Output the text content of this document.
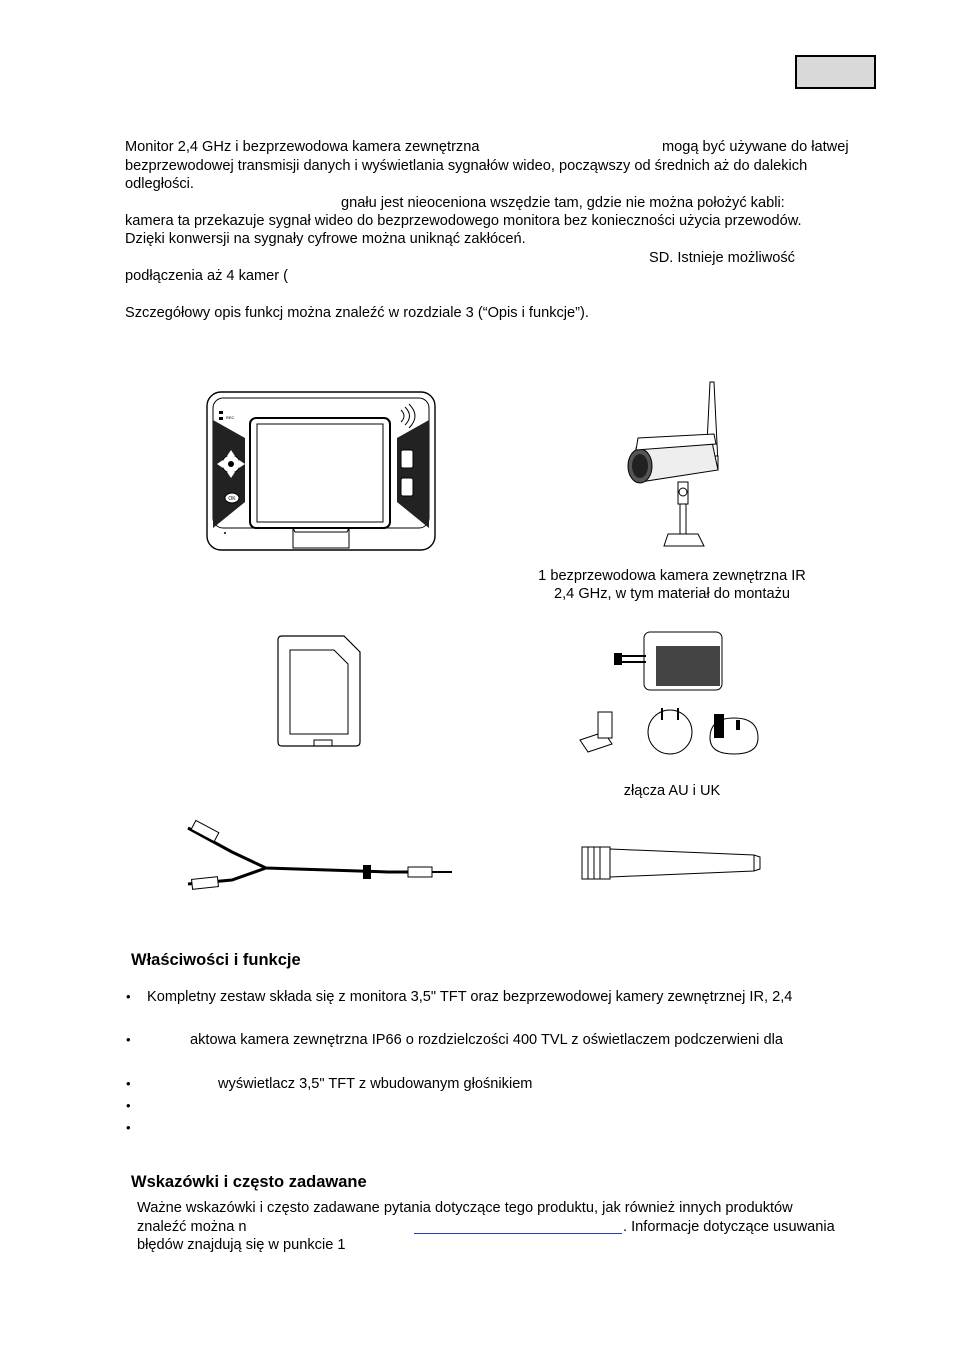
Monitor 2,4 GHz i bezprzewodowa kamera zewnętrzna	mogą być używane do łatwej
bezprzewodowej transmisji danych i wyświetlania sygnałów wideo, począwszy od średnich aż do dalekich
odległości.
gnału jest nieoceniona wszędzie tam, gdzie nie można położyć kabli:
kamera ta przekazuje sygnał wideo do bezprzewodowego monitora bez konieczności użycia przewodów.
Dzięki konwersji na sygnały cyfrowe można uniknąć zakłóceń.
SD. Istnieje możliwość
podłączenia aż 4 kamer (
Szczegółowy opis funkcj można znaleźć w rozdziale 3 (“Opis i funkcje”).
OK
REC
1 bezprzewodowa kamera zewnętrzna IR
2,4 GHz, w tym materiał do montażu
złącza AU i UK
Właściwości i funkcje
• Kompletny zestaw składa się z monitora 3,5" TFT oraz bezprzewodowej kamery zewnętrznej IR, 2,4
•	aktowa kamera zewnętrzna IP66 o rozdzielczości 400 TVL z oświetlaczem podczerwieni dla
•	wyświetlacz 3,5" TFT z wbudowanym głośnikiem
•
•
Wskazówki i często zadawane
Ważne wskazówki i często zadawane pytania dotyczące tego produktu, jak również innych produktów
znaleźć można n	. Informacje dotyczące usuwania
błędów znajdują się w punkcie 1
